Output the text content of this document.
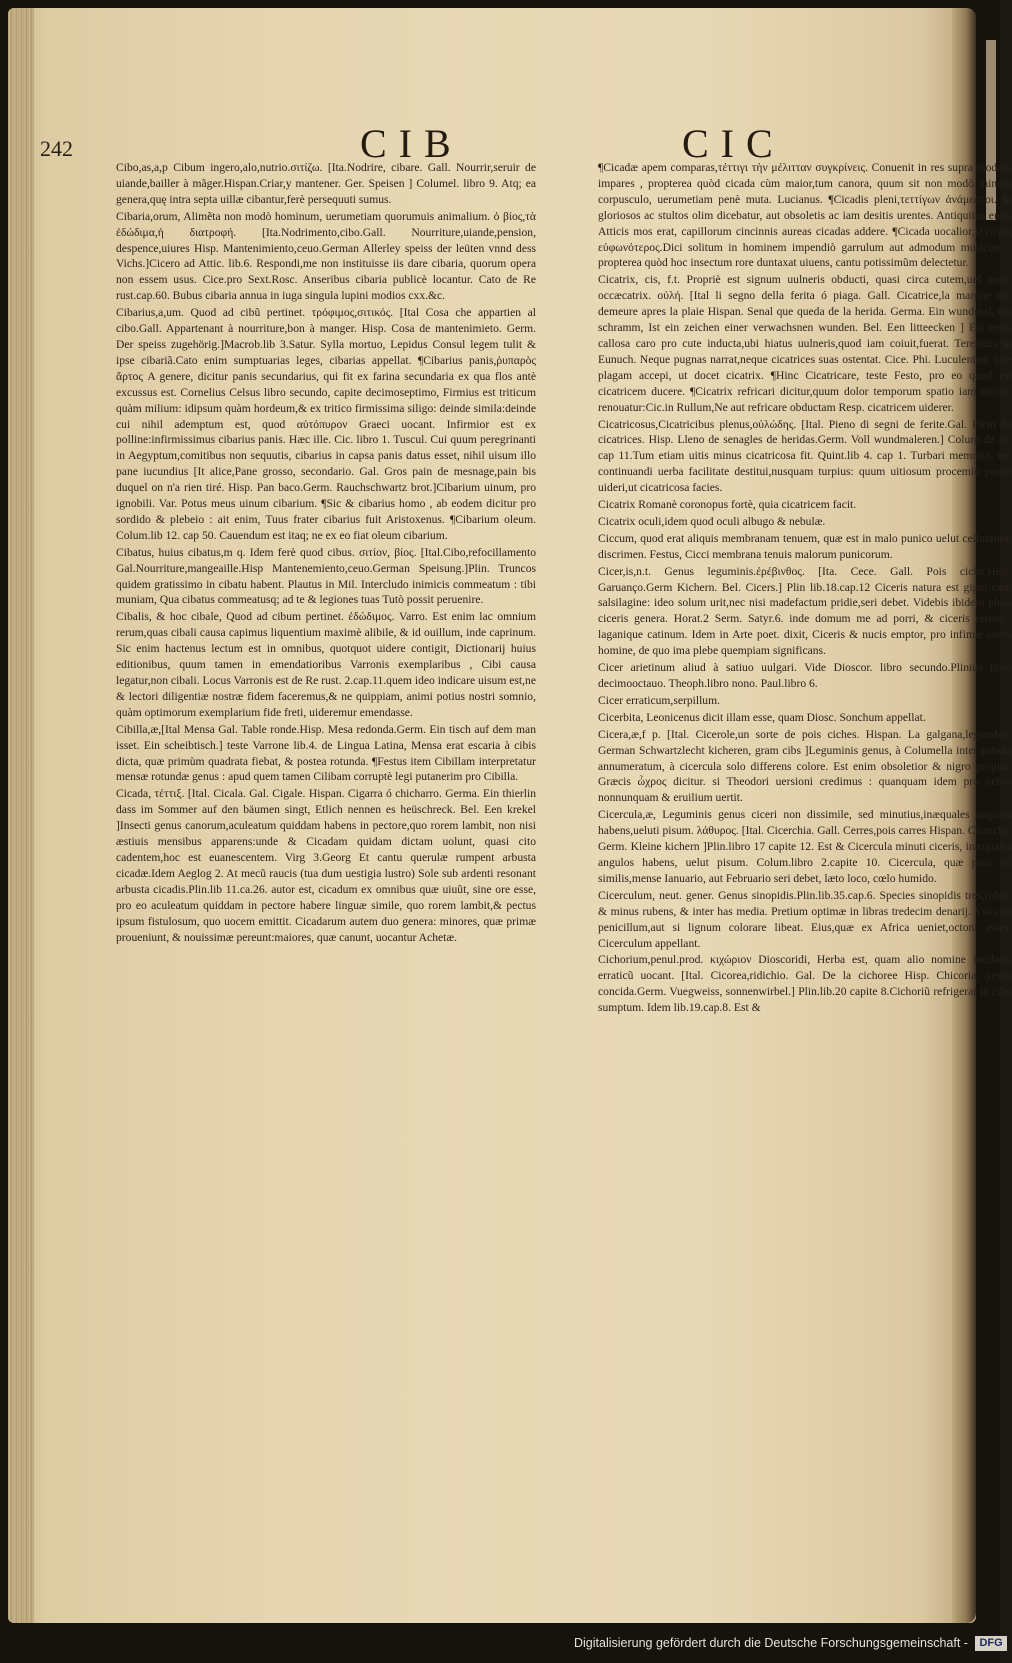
242	CIB	CIC

Cibo,as,a,p Cibum ingero,alo,nutrio.σιτίζω. [Ita.Nodrire, cibare. Gall. Nourrir,seruir de uiande,bailler à mãger.Hispan.Criar,y mantener. Ger. Speisen ] Columel. libro 9. Atq; ea genera,quę intra septa uillæ cibantur,ferè persequuti sumus.

Cibaria,orum, Alimẽta non modò hominum, uerumetiam quorumuis animalium. ὁ βίος,τὰ ἐδώδιμα,ἡ διατροφή. [Ita.Nodrimento,cibo.Gall. Nourriture,uiande,pension, despence,uiures Hisp. Mantenimiento,ceuo.German Allerley speiss der leüten vnnd dess Vichs.]Cicero ad Attic. lib.6. Respondi,me non instituisse iis dare cibaria, quorum opera non essem usus. Cice.pro Sext.Rosc. Anseribus cibaria publicè locantur. Cato de Re rust.cap.60. Bubus cibaria annua in iuga singula lupini modios cxx.&c.

Cibarius,a,um. Quod ad cibũ pertinet. τρόφιμος,σιτικός. [Ital Cosa che appartien al cibo.Gall. Appartenant à nourriture,bon à manger. Hisp. Cosa de mantenimieto. Germ. Der speiss zugehörig.]Macrob.lib 3.Satur. Sylla mortuo, Lepidus Consul legem tulit & ipse cibariã.Cato enim sumptuarias leges, cibarias appellat. ¶Cibarius panis,ῥυπαρὸς ἄρτος A genere, dicitur panis secundarius, qui fit ex farina secundaria ex qua flos antè excussus est. Cornelius Celsus libro secundo, capite decimoseptimo, Firmius est triticum quàm milium: idipsum quàm hordeum,& ex tritico firmissima siligo: deinde simila:deinde cui nihil ademptum est, quod αὐτόπυρον Graeci uocant. Infirmior est ex polline:infirmissimus cibarius panis. Hæc ille. Cic. libro 1. Tuscul. Cui quum peregrinanti in Aegyptum,comitibus non sequutis, cibarius in capsa panis datus esset, nihil uisum illo pane iucundius [It alice,Pane grosso, secondario. Gal. Gros pain de mesnage,pain bis duquel on n'a rien tiré. Hisp. Pan baco.Germ. Rauchschwartz brot.]Cibarium uinum, pro ignobili. Var. Potus meus uinum cibarium. ¶Sic & cibarius homo , ab eodem dicitur pro sordido & plebeio : ait enim, Tuus frater cibarius fuit Aristoxenus. ¶Cibarium oleum. Colum.lib 12. cap 50. Cauendum est itaq; ne ex eo fiat oleum cibarium.

Cibatus, huius cibatus,m q. Idem ferè quod cibus. σιτίον, βίος. [Ital.Cibo,refocillamento Gal.Nourriture,mangeaille.Hisp Mantenemiento,ceuo.German Speisung.]Plin. Truncos quidem gratissimo in cibatu habent. Plautus in Mil. Intercludo inimicis commeatum : tibi muniam, Qua cibatus commeatusq; ad te & legiones tuas Tutò possit peruenire.

Cibalis, & hoc cibale, Quod ad cibum pertinet. ἐδώδιμος. Varro. Est enim lac omnium rerum,quas cibali causa capimus liquentium maximè alibile, & id ouillum, inde caprinum. Sic enim hactenus lectum est in omnibus, quotquot uidere contigit, Dictionarij huius editionibus, quum tamen in emendatioribus Varronis exemplaribus , Cibi causa legatur,non cibali. Locus Varronis est de Re rust. 2.cap.11.quem ideo indicare uisum est,ne & lectori diligentiæ nostræ fidem faceremus,& ne quippiam, animi potius nostri somnio, quàm optimorum exemplarium fide freti, uideremur emendasse.

Cibilla,æ,[Ital Mensa Gal. Table ronde.Hisp. Mesa redonda.Germ. Ein tisch auf dem man isset. Ein scheibtisch.] teste Varrone lib.4. de Lingua Latina, Mensa erat escaria à cibis dicta, quæ primùm quadrata fiebat, & postea rotunda. ¶Festus item Cibillam interpretatur mensæ rotundæ genus : apud quem tamen Cilibam corruptè legi putanerim pro Cibilla.

Cicada, τέττιξ. [Ital. Cicala. Gal. Cigale. Hispan. Cigarra ó chicharro. Germa. Ein thierlin dass im Sommer auf den bäumen singt, Etlich nennen es heüschreck. Bel. Een krekel ]Insecti genus canorum,aculeatum quiddam habens in pectore,quo rorem lambit, non nisi æstiuis mensibus apparens:unde & Cicadam quidam dictam uolunt, quasi cito cadentem,hoc est euanescentem. Virg 3.Georg Et cantu querulæ rumpent arbusta cicadæ.Idem Aeglog 2. At mecũ raucis (tua dum uestigia lustro) Sole sub ardenti resonant arbusta cicadis.Plin.lib 11.ca.26. autor est, cicadum ex omnibus quæ uiuũt, sine ore esse, pro eo aculeatum quiddam in pectore habere linguæ simile, quo rorem lambit,& pectus ipsum fistulosum, quo uocem emittit. Cicadarum autem duo genera: minores, quæ primæ proueniunt, & nouissimæ pereunt:maiores, quæ canunt, uocantur Achetæ.

¶Cicadæ apem comparas,τέττιγι τὴν μέλιτταν συγκρίνεις. Conuenit in res supra modum impares , propterea quòd cicada cùm maior,tum canora, quum sit non modò minuto corpusculo, uerumetiam penè muta. Lucianus. ¶Cicadis pleni,τεττίγων ἀνάμεστοι. In gloriosos ac stultos olim dicebatur, aut obsoletis ac iam desitis urentes. Antiquitus enim Atticis mos erat, capillorum cincinnis aureas cicadas addere. ¶Cicada uocalior,τέττιγος εὐφωνότερος.Dici solitum in hominem impendiò garrulum aut admodum musicum : propterea quòd hoc insectum rore duntaxat uiuens, cantu potissimũm delectetur.

Cicatrix, cis, f.t. Propriè est signum uulneris obducti, quasi circa cutem,uel quasi occæcatrix. οὐλή. [Ital li segno della ferita ó piaga. Gall. Cicatrice,la marque qui demeure apres la plaie Hispan. Senal que queda de la herida. Germa. Ein wundmal, ein schramm, Ist ein zeichen einer verwachsnen wunden. Bel. Een litteecken ] Est enim callosa caro pro cute inducta,ubi hiatus uulneris,quod iam coiuit,fuerat. Terentius in Eunuch. Neque pugnas narrat,neque cicatrices suas ostentat. Cice. Phi. Luculentam ipse plagam accepi, ut docet cicatrix. ¶Hinc Cicatricare, teste Festo, pro eo quod est cicatricem ducere. ¶Cicatrix refricari dicitur,quum dolor temporum spatio iam mitior, renouatur:Cic.in Rullum,Ne aut refricare obductam Resp. cicatricem uiderer.

Cicatricosus,Cicatricibus plenus,οὐλώδης. [Ital. Pieno di segni de ferite.Gal. Plein de cicatrices. Hisp. Lleno de senagles de heridas.Germ. Voll wundmaleren.] Colum de Ar. cap 11.Tum etiam uitis minus cicatricosa fit. Quint.lib 4. cap 1. Turbari memoria, uel continuandi uerba facilitate destitui,nusquam turpius: quum uitiosum procemiũ possit uideri,ut cicatricosa facies.

Cicatrix Romanè coronopus fortè, quia cicatricem facit.

Cicatrix oculi,idem quod oculi albugo & nebulæ.

Ciccum, quod erat aliquis membranam tenuem, quæ est in malo punico uelut cellularum discrimen. Festus, Cicci membrana tenuis malorum punicorum.

Cicer,is,n.t. Genus leguminis.ἐρέβινθος. [Ita. Cece. Gall. Pois ciche.Hisp. Garuanço.Germ Kichern. Bel. Cicers.] Plin lib.18.cap.12 Ciceris natura est gigni cum salsilagine: ideo solum urit,nec nisi madefactum pridie,seri debet. Videbis ibidem plura ciceris genera. Horat.2 Serm. Satyr.6. inde domum me ad porri, & ciceris refero , laganique catinum. Idem in Arte poet. dixit, Ciceris & nucis emptor, pro infimæ sortis homine, de quo ima plebe quempiam significans.

Cicer arietinum aliud à satiuo uulgari. Vide Dioscor. libro secundo.Plinius libro decimooctauo. Theoph.libro nono. Paul.libro 6.

Cicer erraticum,serpillum.

Cicerbita, Leonicenus dicit illam esse, quam Diosc. Sonchum appellat.

Cicera,æ,f p. [Ital. Cicerole,un sorte de pois ciches. Hispan. La galgana,legumbre. German Schwartzlecht kicheren, gram cibs ]Leguminis genus, à Columella inter pabula annumeratum, à cicercula solo differens colore. Est enim obsoletior & nigro propior. Græcis ὦχρος dicitur. si Theodori uersioni credimus : quanquam idem pro ochro nonnunquam & eruilium uertit.

Cicercula,æ, Leguminis genus ciceri non dissimile, sed minutius,inæquales angulos habens,ueluti pisum. λάθυρος. [Ital. Cicerchia. Gall. Cerres,pois carres Hispan. Cicercha. Germ. Kleine kichern ]Plin.libro 17 capite 12. Est & Cicercula minuti ciceris, inæquales angulos habens, uelut pisum. Colum.libro 2.capite 10. Cicercula, quæ piso est similis,mense Ianuario, aut Februario seri debet, læto loco, cœlo humido.

Cicerculum, neut. gener. Genus sinopidis.Plin.lib.35.cap.6. Species sinopidis tres,rubra, & minus rubens, & inter has media. Pretium optimæ in libras tredecim denarij. Vsus ad penicillum,aut si lignum colorare libeat. Eius,quæ ex Africa ueniet,octoni asses. Cicerculum appellant.

Cichorium,penul.prod. κιχώριον Dioscoridi, Herba est, quam alio nomine Intubum erraticũ uocant. [Ital. Cicorea,ridichio. Gal. De la cichoree Hisp. Chicoria, yerua concida.Germ. Vuegweiss, sonnenwirbel.] Plin.lib.20 capite 8.Cichoriũ refrigerat in cibo sumptum. Idem lib.19.cap.8. Est &

Digitalisierung gefördert durch die Deutsche Forschungsgemeinschaft - DFG
